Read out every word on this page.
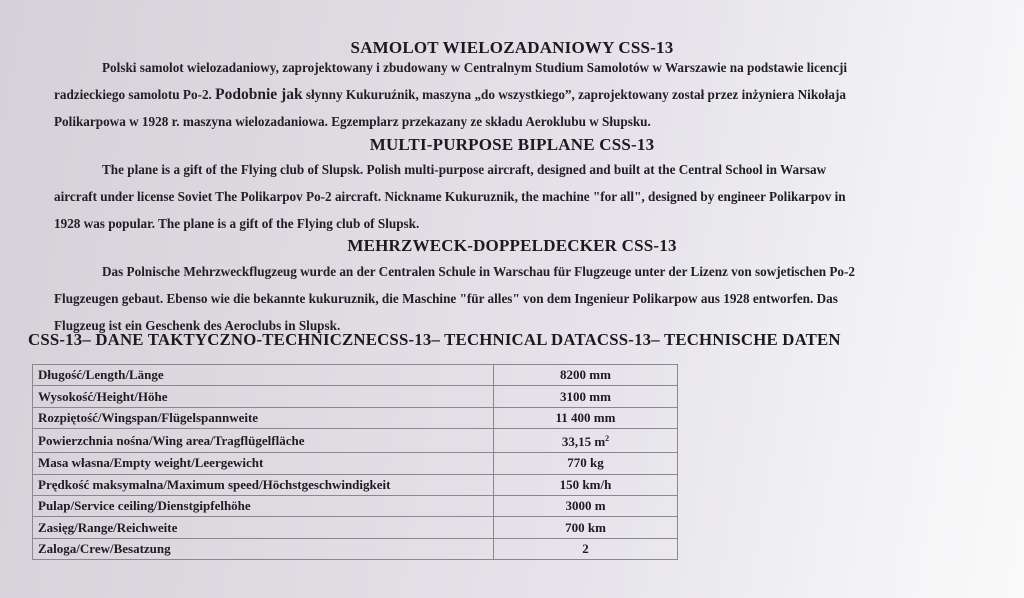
SAMOLOT WIELOZADANIOWY CSS-13
Polski samolot wielozadaniowy, zaprojektowany i zbudowany w Centralnym Studium Samolotów w Warszawie na podstawie licencji
radzieckiego samolotu Po-2. Podobnie jak słynny Kukuruźnik, maszyna „do wszystkiego”, zaprojektowany został przez inżyniera Nikołaja
Polikarpowa w 1928 r. maszyna wielozadaniowa. Egzemplarz przekazany ze składu Aeroklubu w Słupsku.
MULTI-PURPOSE BIPLANE CSS-13
The plane is a gift of the Flying club of Slupsk. Polish multi-purpose aircraft, designed and built at the Central School in Warsaw
aircraft under license Soviet The Polikarpov Po-2 aircraft. Nickname Kukuruznik, the machine "for all", designed by engineer Polikarpov in
1928 was popular. The plane is a gift of the Flying club of Slupsk.
MEHRZWECK-DOPPELDECKER CSS-13
Das Polnische Mehrzweckflugzeug wurde an der Centralen Schule in Warschau für Flugzeuge unter der Lizenz von sowjetischen Po-2
Flugzeugen gebaut. Ebenso wie die bekannte kukuruznik, die Maschine "für alles" von dem Ingenieur Polikarpow aus 1928 entworfen. Das
Flugzeug ist ein Geschenk des Aeroclubs in Slupsk.
CSS-13– DANE TAKTYCZNO-TECHNICZNECSS-13– TECHNICAL DATACSS-13– TECHNISCHE DATEN
Długość/Length/Länge	8200 mm
Wysokość/Height/Höhe	3100 mm
Rozpiętość/Wingspan/Flügelspannweite	11 400 mm
Powierzchnia nośna/Wing area/Tragflügelfläche	33,15 $m^2$
Masa własna/Empty weight/Leergewicht	770 kg
Prędkość maksymalna/Maximum speed/Höchstgeschwindigkeit	150 km/h
Pulap/Service ceiling/Dienstgipfelhöhe	3000 m
Zasięg/Range/Reichweite	700 km
Zaloga/Crew/Besatzung	2
